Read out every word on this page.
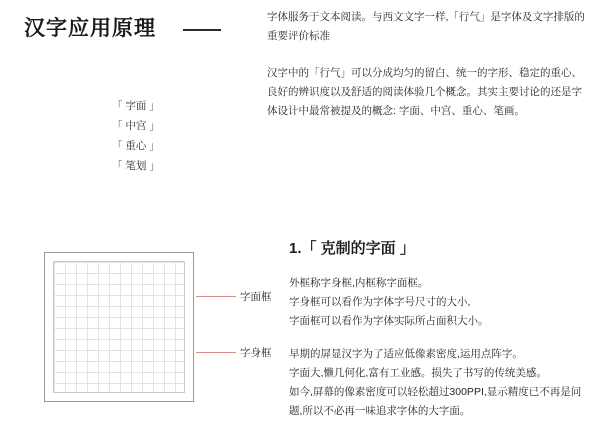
汉字应用原理	字体服务于文本阅读。与西文文字一样,「行气」是字体及文字排版的重要评价标准
汉字中的「行气」可以分成均匀的留白、统一的字形、稳定的重心、良好的辨识度以及舒适的阅读体验几个概念。其实主要讨论的还是字体设计中最常被提及的概念: 字面、中宫、重心、笔画。
「 字面 」
「 中宫 」
「 重心 」
「 笔划 」
字面框
字身框
1.「 克制的字面 」
外框称字身框,内框称字面框。
字身框可以看作为字体字号尺寸的大小,
字面框可以看作为字体实际所占面积大小。
早期的屏显汉字为了适应低像素密度,运用点阵字。
字面大,懒几何化,富有工业感。损失了书写的传统美感。
如今,屏幕的像素密度可以轻松超过300PPI,显示精度已不再是问题,所以不必再一味追求字体的大字面。
